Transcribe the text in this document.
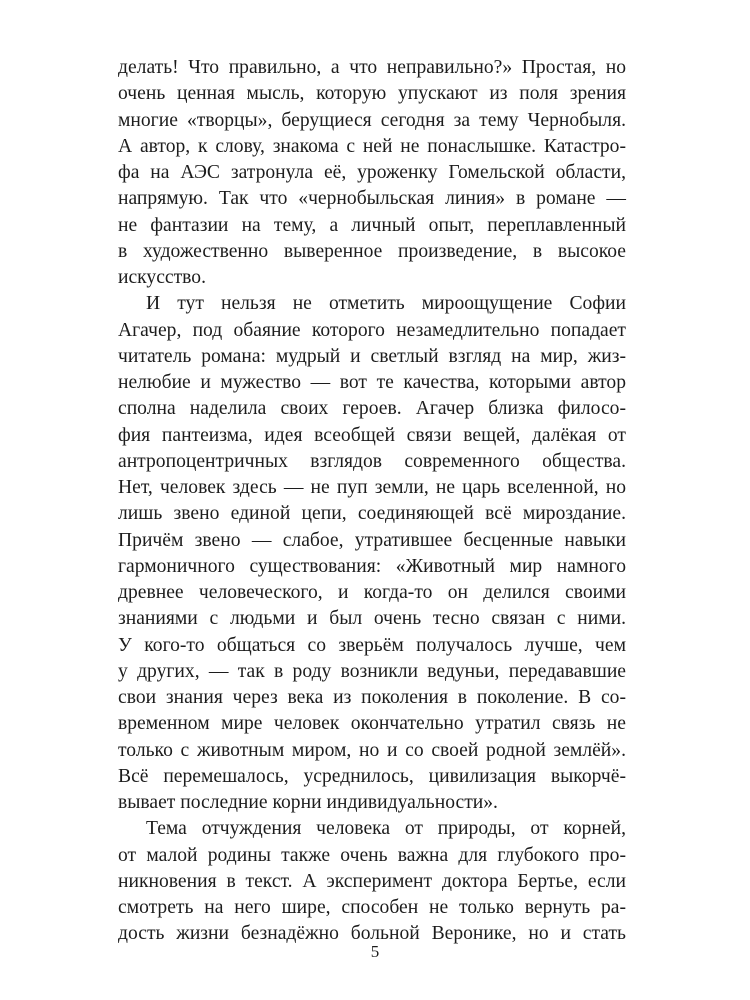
делать! Что правильно, а что неправильно?» Простая, но
очень ценная мысль, которую упускают из поля зрения
многие «творцы», берущиеся сегодня за тему Чернобыля.
А автор, к слову, знакома с ней не понаслышке. Катастро-
фа на АЭС затронула её, уроженку Гомельской области,
напрямую. Так что «чернобыльская линия» в романе —
не фантазии на тему, а личный опыт, переплавленный
в художественно выверенное произведение, в высокое
искусство.
И тут нельзя не отметить мироощущение Софии
Агачер, под обаяние которого незамедлительно попадает
читатель романа: мудрый и светлый взгляд на мир, жиз-
нелюбие и мужество — вот те качества, которыми автор
сполна наделила своих героев. Агачер близка филосо-
фия пантеизма, идея всеобщей связи вещей, далёкая от
антропоцентричных взглядов современного общества.
Нет, человек здесь — не пуп земли, не царь вселенной, но
лишь звено единой цепи, соединяющей всё мироздание.
Причём звено — слабое, утратившее бесценные навыки
гармоничного существования: «Животный мир намного
древнее человеческого, и когда-то он делился своими
знаниями с людьми и был очень тесно связан с ними.
У кого-то общаться со зверьём получалось лучше, чем
у других, — так в роду возникли ведуньи, передававшие
свои знания через века из поколения в поколение. В со-
временном мире человек окончательно утратил связь не
только с животным миром, но и со своей родной землёй».
Всё перемешалось, усреднилось, цивилизация выкорчё-
вывает последние корни индивидуальности».
Тема отчуждения человека от природы, от корней,
от малой родины также очень важна для глубокого про-
никновения в текст. А эксперимент доктора Бертье, если
смотреть на него шире, способен не только вернуть ра-
дость жизни безнадёжно больной Веронике, но и стать
5
